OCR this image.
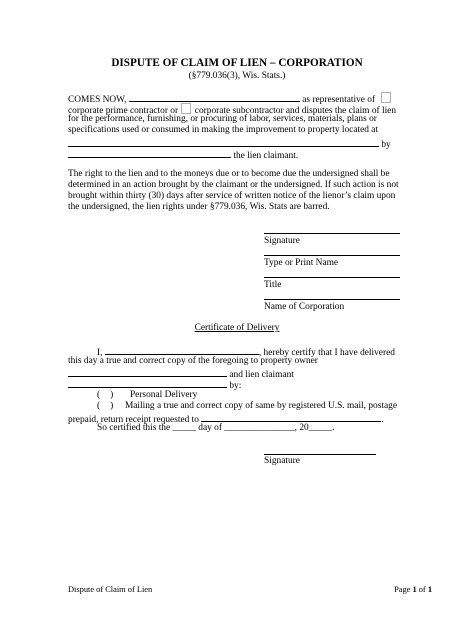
DISPUTE OF CLAIM OF LIEN – CORPORATION
(§779.036(3), Wis. Stats.)
COMES NOW,	as representative of
corporate prime contractor or corporate subcontractor and disputes the claim of lien
for the performance, furnishing, or procuring of labor, services, materials, plans or
specifications used or consumed in making the improvement to property located at
by
the lien claimant.
The right to the lien and to the moneys due or to become due the undersigned shall be
determined in an action brought by the claimant or the undersigned. If such action is not
brought within thirty (30) days after service of written notice of the lienor’s claim upon
the undersigned, the lien rights under §779.036, Wis. Stats are barred.
Signature
Type or Print Name
Title
Name of Corporation
Certificate of Delivery
I,	, hereby certify that I have delivered
this day a true and correct copy of the foregoing to property owner
and lien claimant
by:
( ) Personal Delivery
( ) Mailing a true and correct copy of same by registered U.S. mail, postage
prepaid, return receipt requested to	.
So certified this the _____ day of _______________, 20_____.
Signature
Dispute of Claim of Lien	Page 1 of 1
